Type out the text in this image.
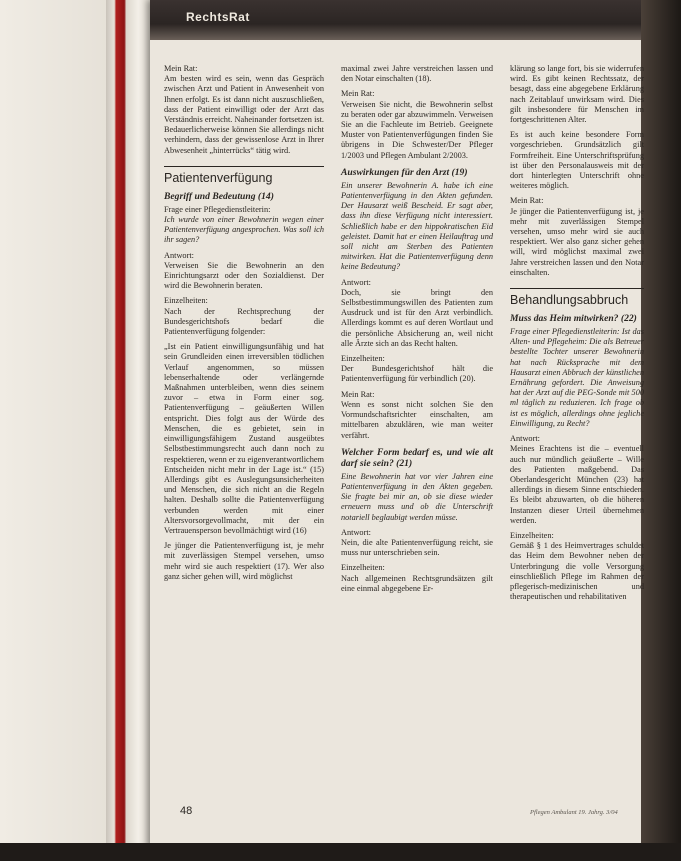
RechtsRat

Mein Rat:
Am besten wird es sein, wenn das Gespräch zwischen Arzt und Patient in Anwesenheit von Ihnen erfolgt. Es ist dann nicht auszuschließen, dass der Patient einwilligt oder der Arzt das Verständnis erreicht. Naheinander fortsetzen ist. Bedauerlicherweise können Sie allerdings nicht verhindern, dass der gewissenlose Arzt in Ihrer Abwesenheit „hinterrücks“ tätig wird.

Patientenverfügung
Begriff und Bedeutung (14)

Frage einer Pflegedienstleiterin:
Ich wurde von einer Bewohnerin wegen einer Patientenverfügung angesprochen. Was soll ich ihr sagen?

Antwort:
Verweisen Sie die Bewohnerin an den Einrichtungsarzt oder den Sozialdienst. Der wird die Bewohnerin beraten.

Einzelheiten:
Nach der Rechtsprechung der Bundesgerichtshofs bedarf die Patientenverfügung folgender:

„Ist ein Patient einwilligungsunfähig und hat sein Grundleiden einen irreversiblen tödlichen Verlauf angenommen, so müssen lebenserhaltende oder verlängernde Maßnahmen unterbleiben, wenn dies seinem zuvor – etwa in Form einer sog. Patientenverfügung – geäußerten Willen entspricht. Dies folgt aus der Würde des Menschen, die es gebietet, sein in einwilligungsfähigem Zustand ausgeübtes Selbstbestimmungsrecht auch dann noch zu respektieren, wenn er zu eigenverantwortlichem Entscheiden nicht mehr in der Lage ist.“ (15) Allerdings gibt es Auslegungsunsicherheiten und Menschen, die sich nicht an die Regeln halten. Deshalb sollte die Patientenverfügung verbunden werden mit einer Altersvorsorgevollmacht, mit der ein Vertrauensperson bevollmächtigt wird (16)

Je jünger die Patientenverfügung ist, je mehr mit zuverlässigen Stempel versehen, umso mehr wird sie auch respektiert (17). Wer also ganz sicher gehen will, wird möglichst

maximal zwei Jahre verstreichen lassen und den Notar einschalten (18).

Mein Rat:
Verweisen Sie nicht, die Bewohnerin selbst zu beraten oder gar abzuwimmeln. Verweisen Sie an die Fachleute im Betrieb. Geeignete Muster von Patientenverfügungen finden Sie übrigens in Die Schwester/Der Pfleger 1/2003 und Pflegen Ambulant 2/2003.

Auswirkungen für den Arzt (19)
Ein unserer Bewohnerin A. habe ich eine Patientenverfügung in den Akten gefunden. Der Hausarzt weiß Bescheid. Er sagt aber, dass ihn diese Verfügung nicht interessiert. Schließlich habe er den hippokratischen Eid geleistet. Damit hat er einen Heilauftrag und soll nicht am Sterben des Patienten mitwirken. Hat die Patientenverfügung denn keine Bedeutung?

Antwort:
Doch, sie bringt den Selbstbestimmungswillen des Patienten zum Ausdruck und ist für den Arzt verbindlich. Allerdings kommt es auf deren Wortlaut und die persönliche Absicherung an, weil nicht alle Ärzte sich an das Recht halten.

Einzelheiten:
Der Bundesgerichtshof hält die Patientenverfügung für verbindlich (20).

Mein Rat:
Wenn es sonst nicht solchen Sie den Vormundschaftsrichter einschalten, am mittelbaren abzuklären, wie man weiter verfährt.

Welcher Form bedarf es, und wie alt darf sie sein? (21)
Eine Bewohnerin hat vor vier Jahren eine Patientenverfügung in den Akten gegeben. Sie fragte bei mir an, ob sie diese wieder erneuern muss und ob die Unterschrift notariell beglaubigt werden müsse.

Antwort:
Nein, die alte Patientenverfügung reicht, sie muss nur unterschrieben sein.

Einzelheiten:
Nach allgemeinen Rechtsgrundsätzen gilt eine einmal abgegebene Er-

klärung so lange fort, bis sie widerrufen wird. Es gibt keinen Rechtssatz, der besagt, dass eine abgegebene Erklärung nach Zeitablauf unwirksam wird. Dies gilt insbesondere für Menschen im fortgeschrittenen Alter.

Es ist auch keine besondere Form vorgeschrieben. Grundsätzlich gilt Formfreiheit. Eine Unterschriftsprüfung ist über den Personalausweis mit der dort hinterlegten Unterschrift ohne weiteres möglich.

Mein Rat:
Je jünger die Patientenverfügung ist, je mehr mit zuverlässigen Stempel versehen, umso mehr wird sie auch respektiert. Wer also ganz sicher gehen will, wird möglichst maximal zwei Jahre verstreichen lassen und den Notar einschalten.

Behandlungsabbruch
Muss das Heim mitwirken? (22)
Frage einer Pflegedienstleiterin: Ist das Alten- und Pflegeheim: Die als Betreuer bestellte Tochter unserer Bewohnerin hat nach Rücksprache mit dem Hausarzt einen Abbruch der künstlichen Ernährung gefordert. Die Anweisung hat der Arzt auf die PEG-Sonde mit 500 ml täglich zu reduzieren. Ich frage ob ist es möglich, allerdings ohne jegliche Einwilligung, zu Recht?

Antwort:
Meines Erachtens ist die – eventuell auch nur mündlich geäußerte – Wille des Patienten maßgebend. Das Oberlandesgericht München (23) hat allerdings in diesem Sinne entschieden. Es bleibt abzuwarten, ob die höheren Instanzen dieser Urteil übernehmen werden.

Einzelheiten:
Gemäß § 1 des Heimvertrages schuldet das Heim dem Bewohner neben der Unterbringung die volle Versorgung einschließlich Pflege im Rahmen der pflegerisch-medizinischen und therapeutischen und rehabilitativen

48	Pflegen Ambulant 19. Jahrg. 3/04
